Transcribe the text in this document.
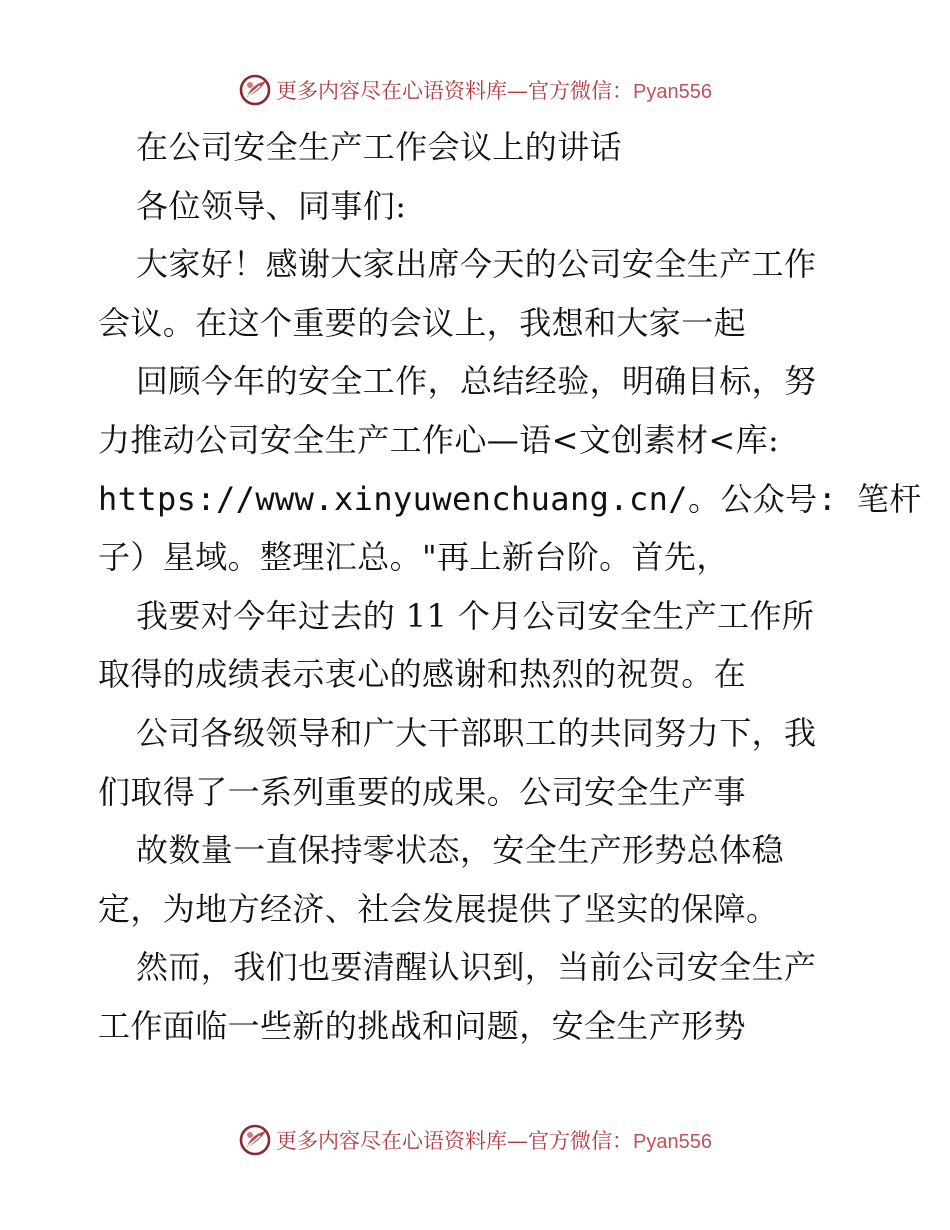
更多内容尽在心语资料库—官方微信：Pyan556
在公司安全生产工作会议上的讲话
各位领导、同事们:
大家好！感谢大家出席今天的公司安全生产工作
会议。在这个重要的会议上，我想和大家一起
回顾今年的安全工作，总结经验，明确目标，努
力推动公司安全生产工作心—语<文创素材<库:
https://www.xinyuwenchuang.cn/。公众号: 笔杆
子）星域。整理汇总。"再上新台阶。首先，
我要对今年过去的 11 个月公司安全生产工作所
取得的成绩表示衷心的感谢和热烈的祝贺。在
公司各级领导和广大干部职工的共同努力下，我
们取得了一系列重要的成果。公司安全生产事
故数量一直保持零状态，安全生产形势总体稳
定，为地方经济、社会发展提供了坚实的保障。
然而，我们也要清醒认识到，当前公司安全生产
工作面临一些新的挑战和问题，安全生产形势
更多内容尽在心语资料库—官方微信：Pyan556
